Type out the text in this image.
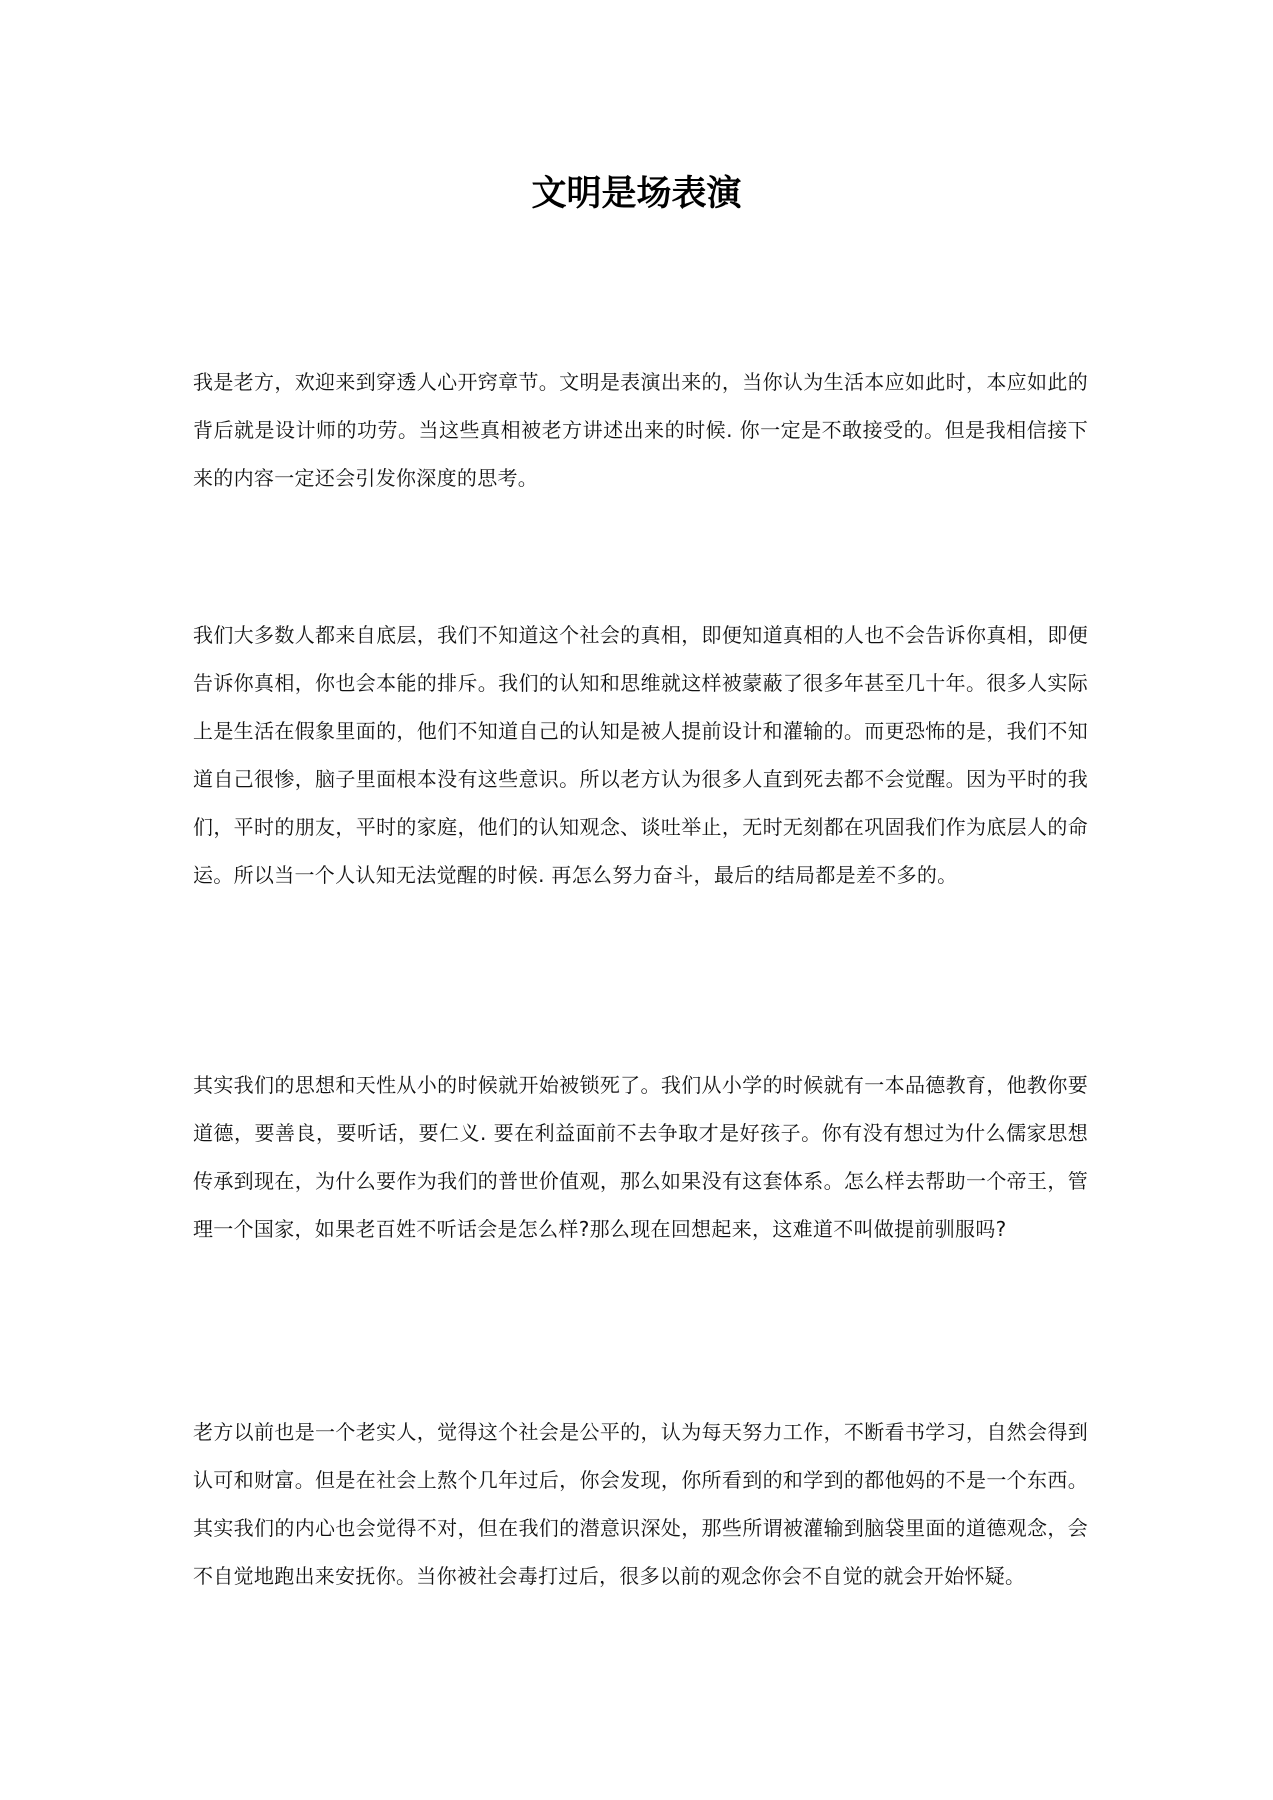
文明是场表演

我是老方，欢迎来到穿透人心开窍章节。文明是表演出来的，当你认为生活本应如此时，本应如此的背后就是设计师的功劳。当这些真相被老方讲述出来的时候. 你一定是不敢接受的。但是我相信接下来的内容一定还会引发你深度的思考。

我们大多数人都来自底层，我们不知道这个社会的真相，即便知道真相的人也不会告诉你真相，即便告诉你真相，你也会本能的排斥。我们的认知和思维就这样被蒙蔽了很多年甚至几十年。很多人实际上是生活在假象里面的，他们不知道自己的认知是被人提前设计和灌输的。而更恐怖的是，我们不知道自己很惨，脑子里面根本没有这些意识。所以老方认为很多人直到死去都不会觉醒。因为平时的我们，平时的朋友，平时的家庭，他们的认知观念、谈吐举止，无时无刻都在巩固我们作为底层人的命运。所以当一个人认知无法觉醒的时候. 再怎么努力奋斗，最后的结局都是差不多的。

其实我们的思想和天性从小的时候就开始被锁死了。我们从小学的时候就有一本品德教育，他教你要道德，要善良，要听话，要仁义. 要在利益面前不去争取才是好孩子。你有没有想过为什么儒家思想传承到现在，为什么要作为我们的普世价值观，那么如果没有这套体系。怎么样去帮助一个帝王，管理一个国家，如果老百姓不听话会是怎么样?那么现在回想起来，这难道不叫做提前驯服吗?

老方以前也是一个老实人，觉得这个社会是公平的，认为每天努力工作，不断看书学习，自然会得到认可和财富。但是在社会上熬个几年过后，你会发现，你所看到的和学到的都他妈的不是一个东西。其实我们的内心也会觉得不对，但在我们的潜意识深处，那些所谓被灌输到脑袋里面的道德观念，会不自觉地跑出来安抚你。当你被社会毒打过后，很多以前的观念你会不自觉的就会开始怀疑。
